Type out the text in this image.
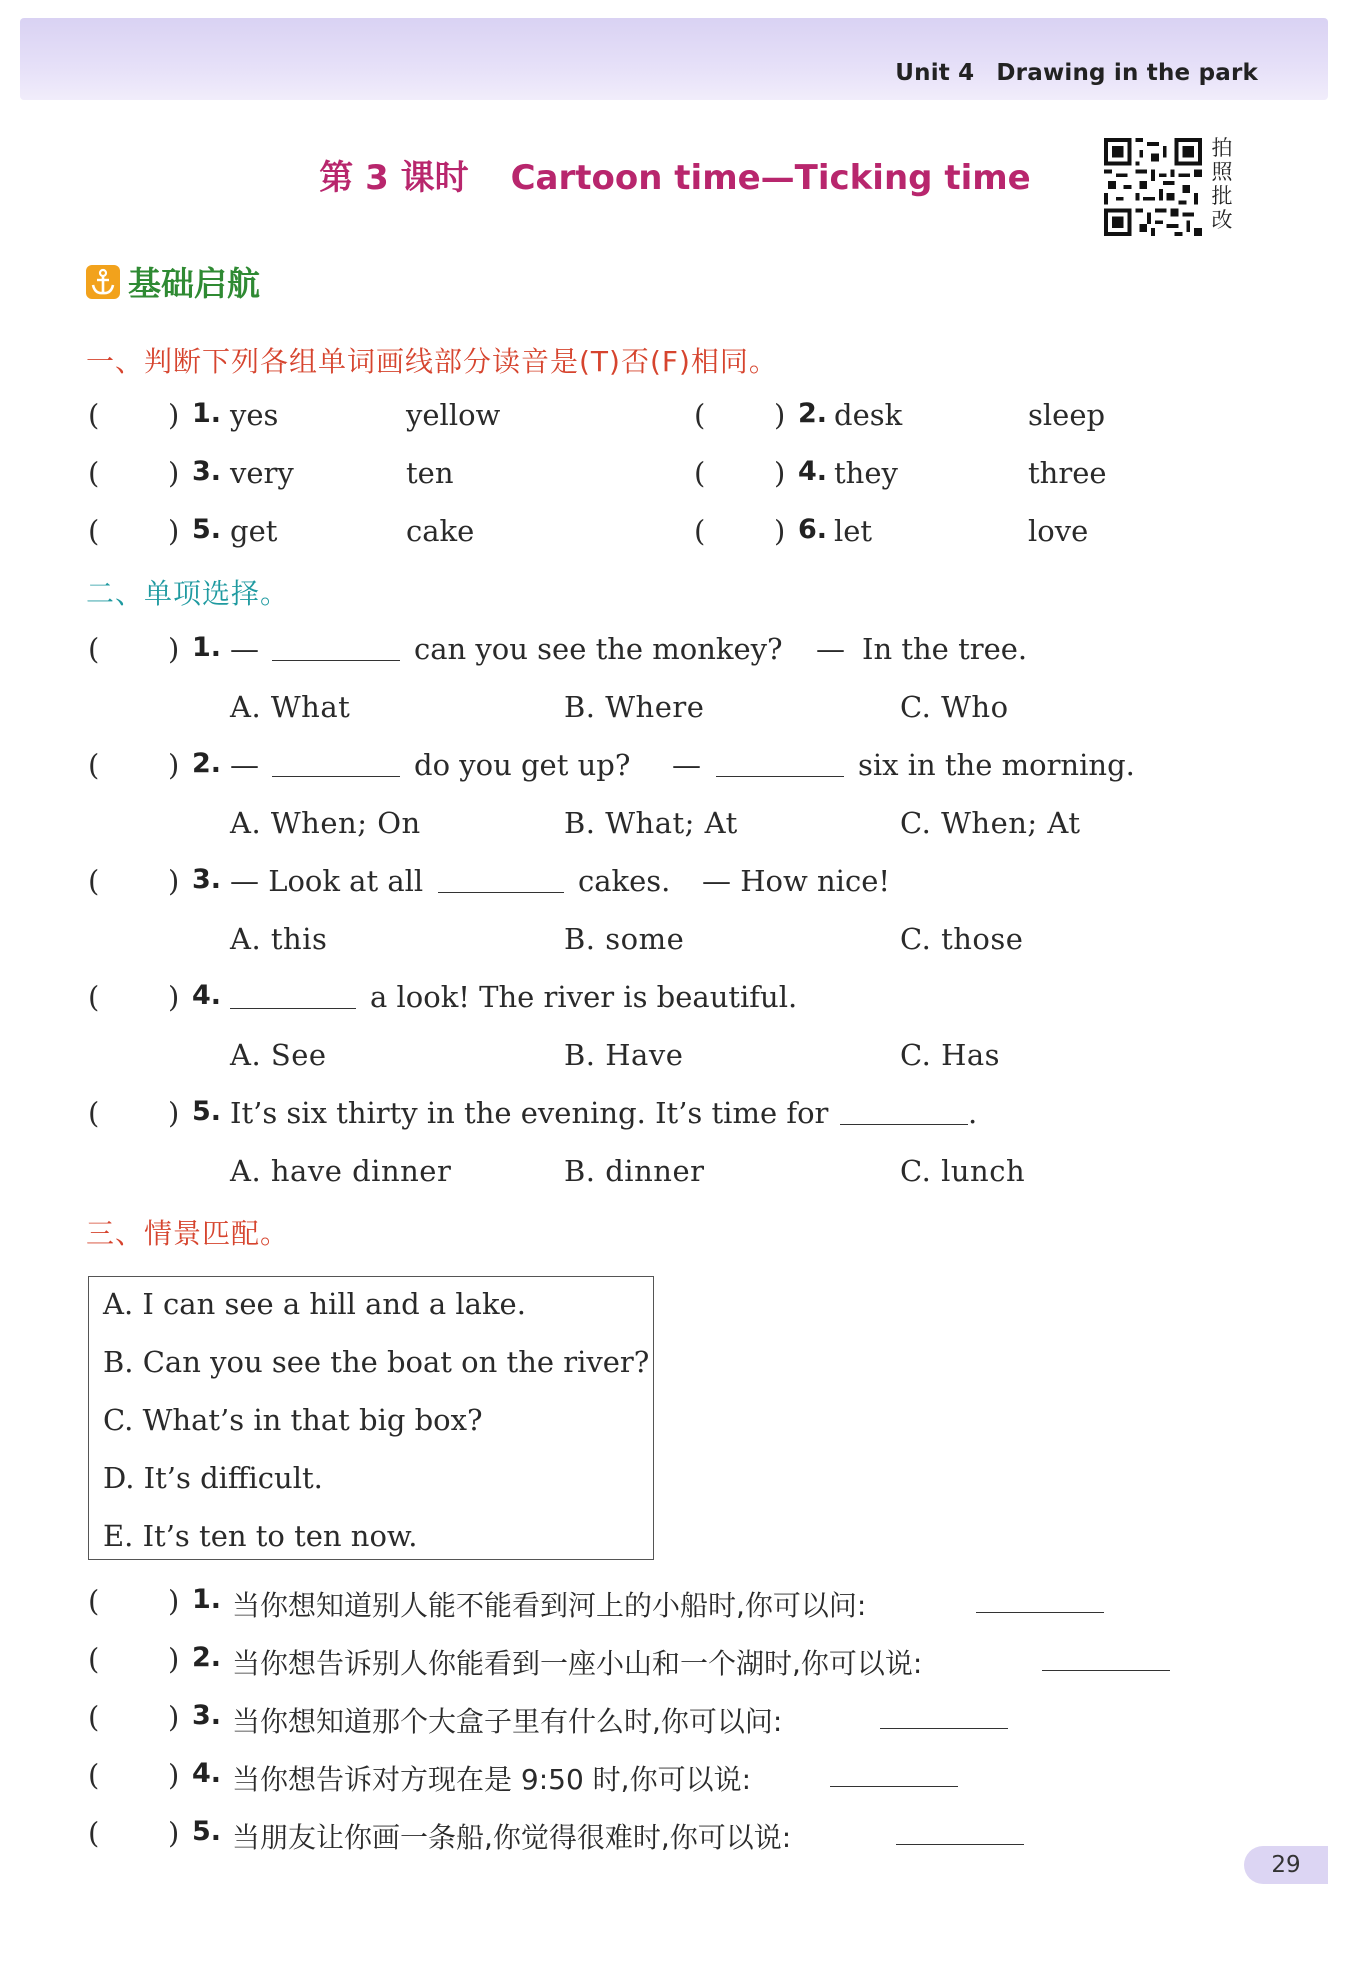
Unit 4 Drawing in the park
第 3 课时 Cartoon time—Ticking time
拍照批改
基础启航
一、判断下列各组单词画线部分读音是(T)否(F)相同。
1. yes	yellow	2. desk	sleep
3. very	ten	4. they	three
5. get	cake	6. let	love
二、单项选择。
1. —	can you see the monkey? — In the tree.
A. What	B. Where	C. Who
2. —	do you get up? —	six in the morning.
A. When; On	B. What; At	C. When; At
3. — Look at all	cakes. — How nice!
A. this	B. some	C. those
4.	a look! The river is beautiful.
A. See	B. Have	C. Has
5. It’s six thirty in the evening. It’s time for	.
A. have dinner	B. dinner	C. lunch
三、情景匹配。
A. I can see a hill and a lake.
B. Can you see the boat on the river?
C. What’s in that big box?
D. It’s difficult.
E. It’s ten to ten now.
1. 当你想知道别人能不能看到河上的小船时,你可以问:
2. 当你想告诉别人你能看到一座小山和一个湖时,你可以说:
3. 当你想知道那个大盒子里有什么时,你可以问:
4. 当你想告诉对方现在是 9:50 时,你可以说:
5. 当朋友让你画一条船,你觉得很难时,你可以说:
29
